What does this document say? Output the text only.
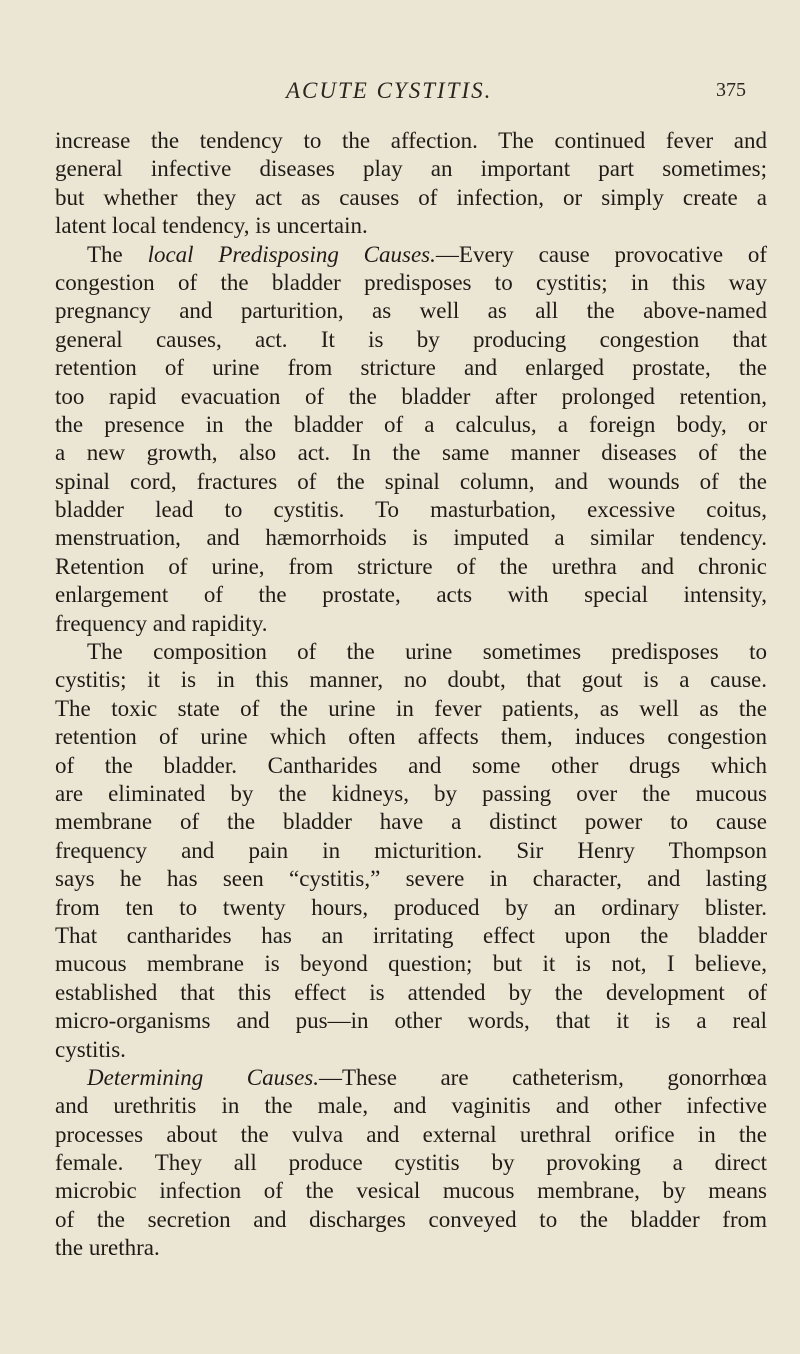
ACUTE CYSTITIS.	375
increase the tendency to the affection. The continued fever and
general infective diseases play an important part sometimes;
but whether they act as causes of infection, or simply create a
latent local tendency, is uncertain.
The local Predisposing Causes.—Every cause provocative of
congestion of the bladder predisposes to cystitis; in this way
pregnancy and parturition, as well as all the above-named
general causes, act. It is by producing congestion that
retention of urine from stricture and enlarged prostate, the
too rapid evacuation of the bladder after prolonged retention,
the presence in the bladder of a calculus, a foreign body, or
a new growth, also act. In the same manner diseases of the
spinal cord, fractures of the spinal column, and wounds of the
bladder lead to cystitis. To masturbation, excessive coitus,
menstruation, and hæmorrhoids is imputed a similar tendency.
Retention of urine, from stricture of the urethra and chronic
enlargement of the prostate, acts with special intensity,
frequency and rapidity.
The composition of the urine sometimes predisposes to
cystitis; it is in this manner, no doubt, that gout is a cause.
The toxic state of the urine in fever patients, as well as the
retention of urine which often affects them, induces congestion
of the bladder. Cantharides and some other drugs which
are eliminated by the kidneys, by passing over the mucous
membrane of the bladder have a distinct power to cause
frequency and pain in micturition. Sir Henry Thompson
says he has seen “cystitis,” severe in character, and lasting
from ten to twenty hours, produced by an ordinary blister.
That cantharides has an irritating effect upon the bladder
mucous membrane is beyond question; but it is not, I believe,
established that this effect is attended by the development of
micro-organisms and pus—in other words, that it is a real
cystitis.
Determining Causes.—These are catheterism, gonorrhœa
and urethritis in the male, and vaginitis and other infective
processes about the vulva and external urethral orifice in the
female. They all produce cystitis by provoking a direct
microbic infection of the vesical mucous membrane, by means
of the secretion and discharges conveyed to the bladder from
the urethra.
